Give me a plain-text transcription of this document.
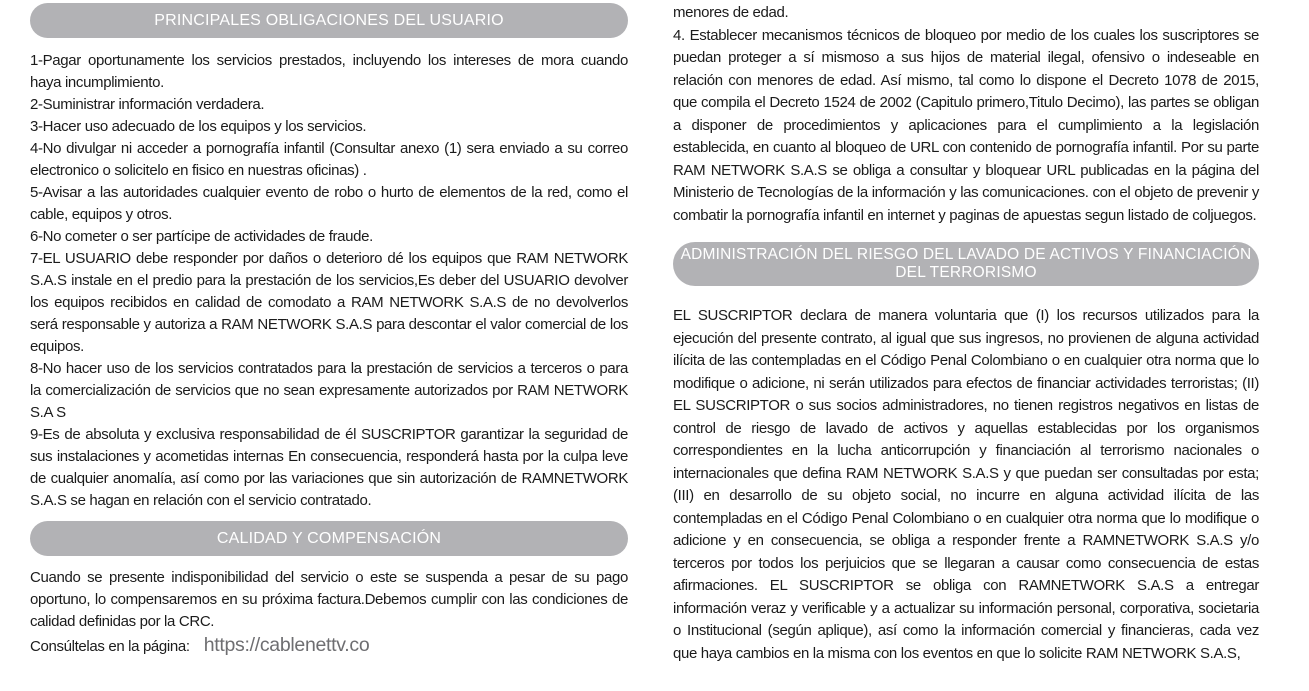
PRINCIPALES OBLIGACIONES DEL USUARIO

1-Pagar oportunamente los servicios prestados, incluyendo los intereses de mora cuando haya incumplimiento.

2-Suministrar información verdadera.

3-Hacer uso adecuado de los equipos y los servicios.

4-No divulgar ni acceder a pornografía infantil (Consultar anexo (1) sera enviado a su correo electronico o solicitelo en fisico en nuestras oficinas) .

5-Avisar a las autoridades cualquier evento de robo o hurto de elementos de la red, como el cable, equipos y otros.

6-No cometer o ser partícipe de actividades de fraude.

7-EL USUARIO debe responder por daños o deterioro dé los equipos que RAM NETWORK S.A.S instale en el predio para la prestación de los servicios,Es deber del USUARIO devolver los equipos recibidos en calidad de comodato a RAM NETWORK S.A.S de no devolverlos será responsable y autoriza a RAM NETWORK S.A.S para descontar el valor comercial de los equipos.

8-No hacer uso de los servicios contratados para la prestación de servicios a terceros o para la comercialización de servicios que no sean expresamente autorizados por RAM NETWORK S.A S

9-Es de absoluta y exclusiva responsabilidad de él SUSCRIPTOR garantizar la seguridad de sus instalaciones y acometidas internas En consecuencia, responderá hasta por la culpa leve de cualquier anomalía, así como por las variaciones que sin autorización de RAMNETWORK S.A.S se hagan en relación con el servicio contratado.

CALIDAD Y COMPENSACIÓN

Cuando se presente indisponibilidad del servicio o este se suspenda a pesar de su pago oportuno, lo compensaremos en su próxima factura.Debemos cumplir con las condiciones de calidad definidas por la CRC.

Consúltelas en la página: https://cablenettv.co

menores de edad.

4. Establecer mecanismos técnicos de bloqueo por medio de los cuales los suscriptores se puedan proteger a sí mismoso a sus hijos de material ilegal, ofensivo o indeseable en relación con menores de edad. Así mismo, tal como lo dispone el Decreto 1078 de 2015, que compila el Decreto 1524 de 2002 (Capitulo primero,Titulo Decimo), las partes se obligan a disponer de procedimientos y aplicaciones para el cumplimiento a la legislación establecida, en cuanto al bloqueo de URL con contenido de pornografía infantil. Por su parte RAM NETWORK S.A.S se obliga a consultar y bloquear URL publicadas en la página del Ministerio de Tecnologías de la información y las comunicaciones. con el objeto de prevenir y combatir la pornografía infantil en internet y paginas de apuestas segun listado de coljuegos.

ADMINISTRACIÓN DEL RIESGO DEL LAVADO DE ACTIVOS Y FINANCIACIÓN DEL TERRORISMO

EL SUSCRIPTOR declara de manera voluntaria que (I) los recursos utilizados para la ejecución del presente contrato, al igual que sus ingresos, no provienen de alguna actividad ilícita de las contempladas en el Código Penal Colombiano o en cualquier otra norma que lo modifique o adicione, ni serán utilizados para efectos de financiar actividades terroristas; (II) EL SUSCRIPTOR o sus socios administradores, no tienen registros negativos en listas de control de riesgo de lavado de activos y aquellas establecidas por los organismos correspondientes en la lucha anticorrupción y financiación al terrorismo nacionales o internacionales que defina RAM NETWORK S.A.S y que puedan ser consultadas por esta; (III) en desarrollo de su objeto social, no incurre en alguna actividad ilícita de las contempladas en el Código Penal Colombiano o en cualquier otra norma que lo modifique o adicione y en consecuencia, se obliga a responder frente a RAMNETWORK S.A.S y/o terceros por todos los perjuicios que se llegaran a causar como consecuencia de estas afirmaciones. EL SUSCRIPTOR se obliga con RAMNETWORK S.A.S a entregar información veraz y verificable y a actualizar su información personal, corporativa, societaria o Institucional (según aplique), así como la información comercial y financieras, cada vez que haya cambios en la misma con los eventos en que lo solicite RAM NETWORK S.A.S,
